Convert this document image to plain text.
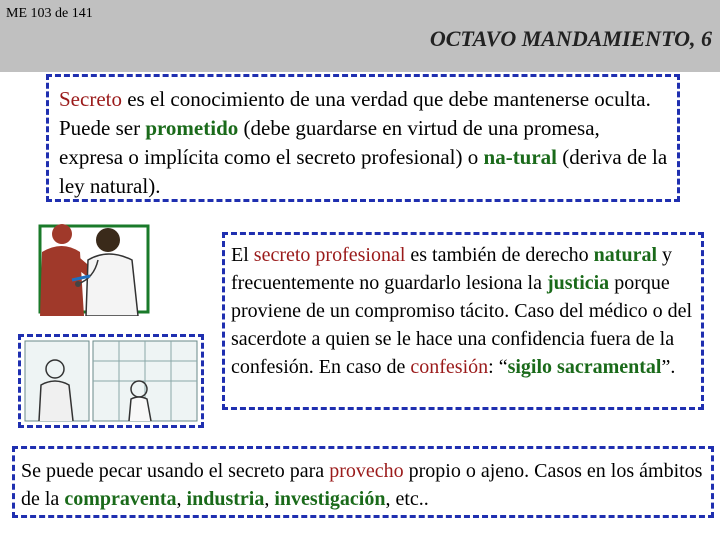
ME 103 de 141
OCTAVO MANDAMIENTO, 6
Secreto es el conocimiento de una verdad que debe mantenerse oculta. Puede ser prometido (debe guardarse en virtud de una promesa, expresa o implícita como el secreto profesional) o na-tural (deriva de la ley natural).
El secreto profesional es también de derecho natural y frecuentemente no guardarlo lesiona la justicia porque proviene de un compromiso tácito. Caso del médico o del sacerdote a quien se le hace una confidencia fuera de la confesión. En caso de confesión: “sigilo sacramental”.
Se puede pecar usando el secreto para provecho propio o ajeno. Casos en los ámbitos de la compraventa, industria, investigación, etc..
